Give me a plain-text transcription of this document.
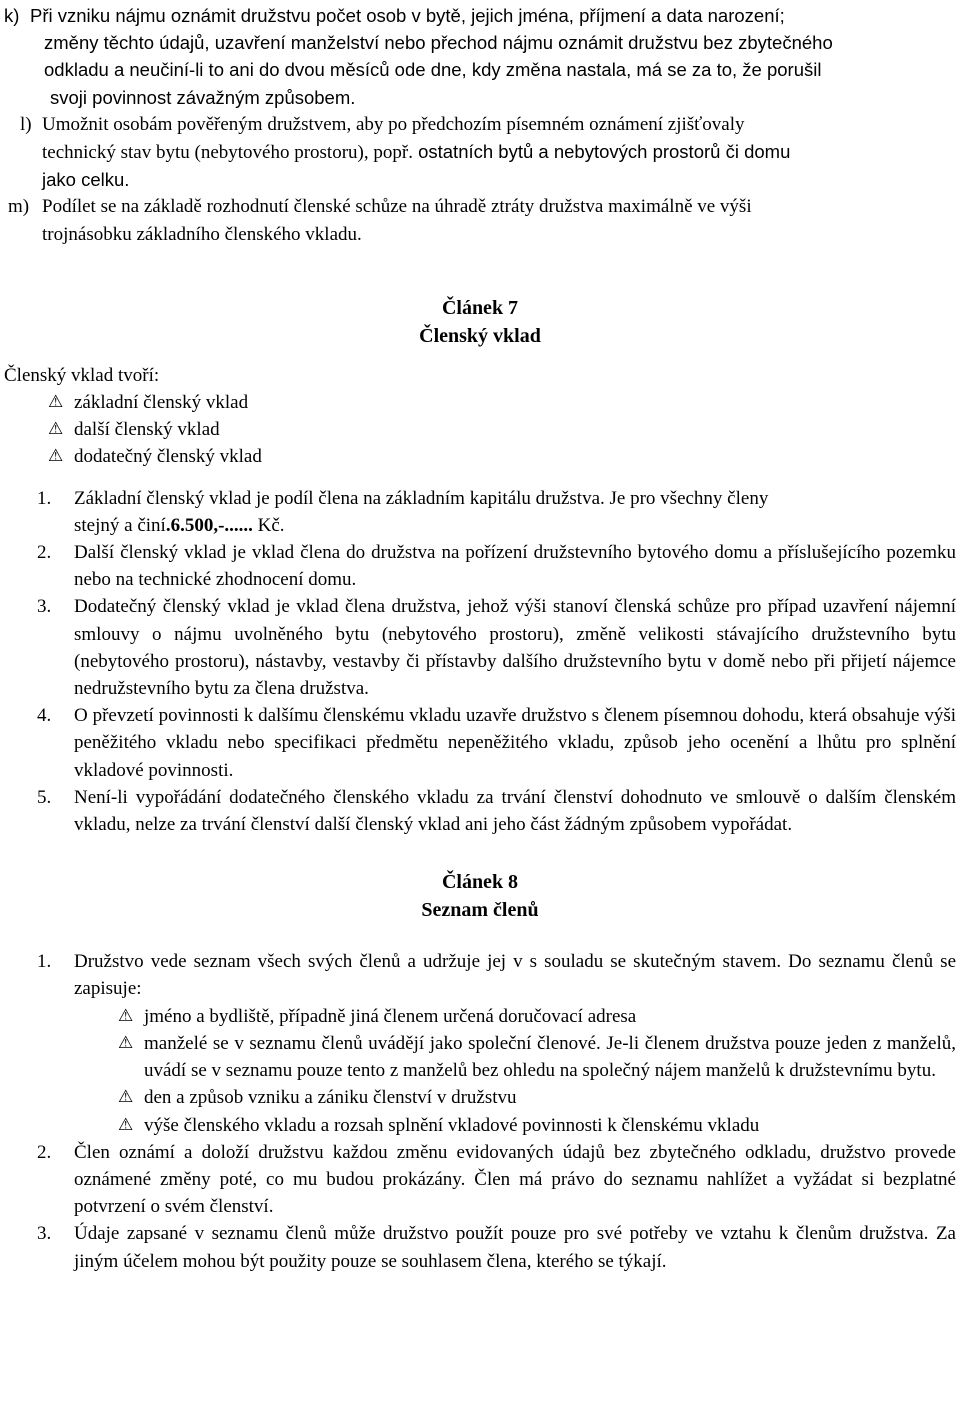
k) Při vzniku nájmu oznámit družstvu počet osob v bytě, jejich jména, příjmení a data narození;
změny těchto údajů, uzavření manželství nebo přechod nájmu oznámit družstvu bez zbytečného
odkladu a neučiní-li to ani do dvou měsíců ode dne, kdy změna nastala, má se za to, že porušil
svoji povinnost závažným způsobem.
l) Umožnit osobám pověřeným družstvem, aby po předchozím písemném oznámení zjišťovaly
technický stav bytu (nebytového prostoru), popř. ostatních bytů a nebytových prostorů či domu
jako celku.
m) Podílet se na základě rozhodnutí členské schůze na úhradě ztráty družstva maximálně ve výši
trojnásobku základního členského vkladu.
Článek 7
Členský vklad
Členský vklad tvoří:
⚠ základní členský vklad
⚠ další členský vklad
⚠ dodatečný členský vklad
1. Základní členský vklad je podíl člena na základním kapitálu družstva. Je pro všechny členy
stejný a činí.6.500,-...... Kč.
2. Další členský vklad je vklad člena do družstva na pořízení družstevního bytového domu a příslušejícího pozemku nebo na technické zhodnocení domu.
3. Dodatečný členský vklad je vklad člena družstva, jehož výši stanoví členská schůze pro případ uzavření nájemní smlouvy o nájmu uvolněného bytu (nebytového prostoru), změně velikosti stávajícího družstevního bytu (nebytového prostoru), nástavby, vestavby či přístavby dalšího družstevního bytu v domě nebo při přijetí nájemce nedružstevního bytu za člena družstva.
4. O převzetí povinnosti k dalšímu členskému vkladu uzavře družstvo s členem písemnou dohodu, která obsahuje výši peněžitého vkladu nebo specifikaci předmětu nepeněžitého vkladu, způsob jeho ocenění a lhůtu pro splnění vkladové povinnosti.
5. Není-li vypořádání dodatečného členského vkladu za trvání členství dohodnuto ve smlouvě o dalším členském vkladu, nelze za trvání členství další členský vklad ani jeho část žádným způsobem vypořádat.
Článek 8
Seznam členů
1. Družstvo vede seznam všech svých členů a udržuje jej v s souladu se skutečným stavem. Do seznamu členů se zapisuje:
⚠ jméno a bydliště, případně jiná členem určená doručovací adresa
⚠ manželé se v seznamu členů uvádějí jako společní členové. Je-li členem družstva pouze jeden z manželů, uvádí se v seznamu pouze tento z manželů bez ohledu na společný nájem manželů k družstevnímu bytu.
⚠ den a způsob vzniku a zániku členství v družstvu
⚠ výše členského vkladu a rozsah splnění vkladové povinnosti k členskému vkladu
2. Člen oznámí a doloží družstvu každou změnu evidovaných údajů bez zbytečného odkladu, družstvo provede oznámené změny poté, co mu budou prokázány. Člen má právo do seznamu nahlížet a vyžádat si bezplatné potvrzení o svém členství.
3. Údaje zapsané v seznamu členů může družstvo použít pouze pro své potřeby ve vztahu k členům družstva. Za jiným účelem mohou být použity pouze se souhlasem člena, kterého se týkají.
